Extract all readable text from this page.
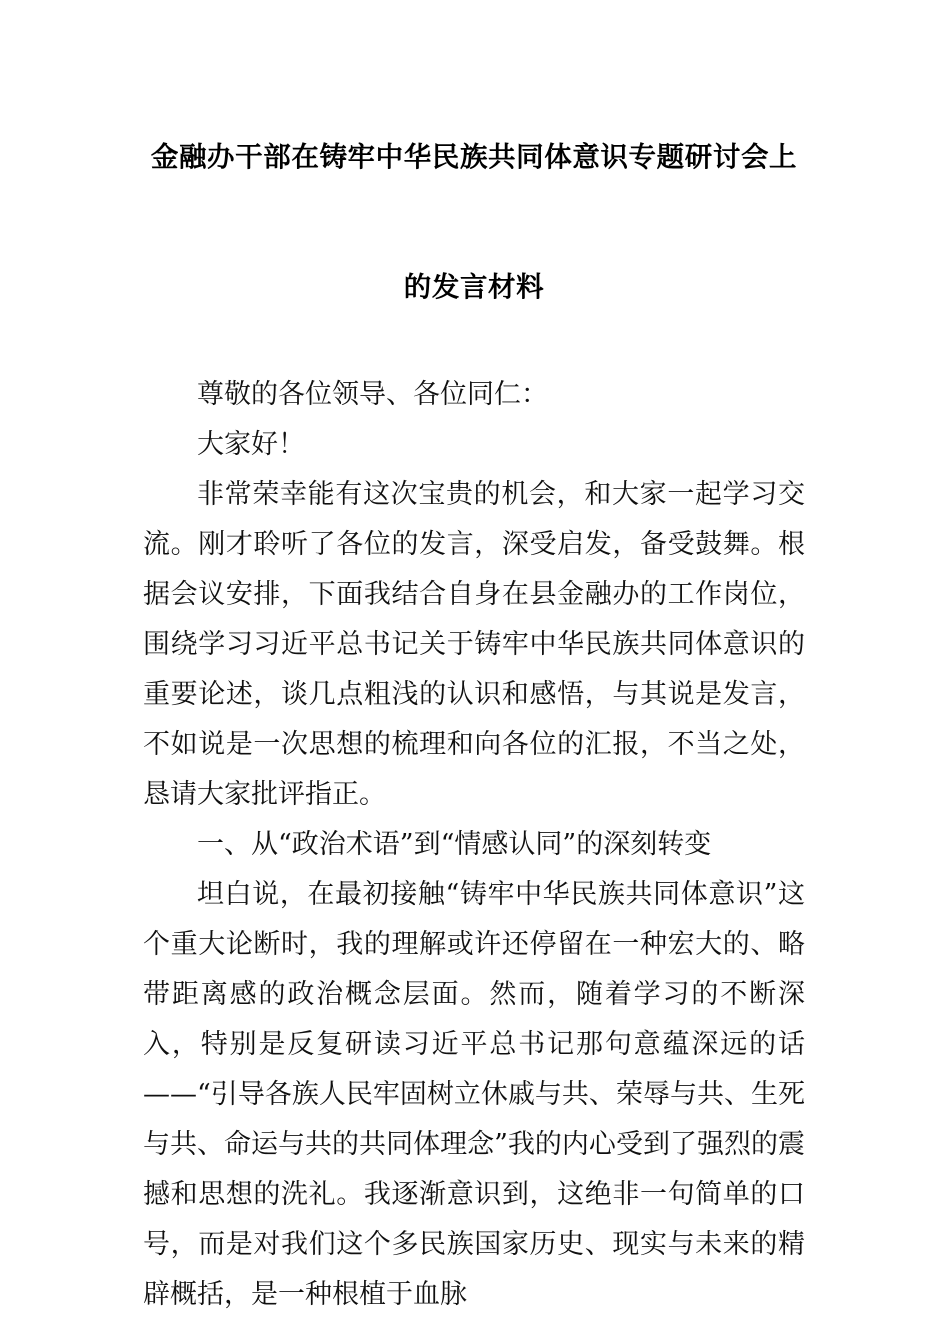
金融办干部在铸牢中华民族共同体意识专题研讨会上的发言材料

尊敬的各位领导、各位同仁：

大家好！

非常荣幸能有这次宝贵的机会，和大家一起学习交流。刚才聆听了各位的发言，深受启发，备受鼓舞。根据会议安排，下面我结合自身在县金融办的工作岗位，围绕学习习近平总书记关于铸牢中华民族共同体意识的重要论述，谈几点粗浅的认识和感悟，与其说是发言，不如说是一次思想的梳理和向各位的汇报，不当之处，恳请大家批评指正。

一、从“政治术语”到“情感认同”的深刻转变

坦白说，在最初接触“铸牢中华民族共同体意识”这个重大论断时，我的理解或许还停留在一种宏大的、略带距离感的政治概念层面。然而，随着学习的不断深入，特别是反复研读习近平总书记那句意蕴深远的话——“引导各族人民牢固树立休戚与共、荣辱与共、生死与共、命运与共的共同体理念”我的内心受到了强烈的震撼和思想的洗礼。我逐渐意识到，这绝非一句简单的口号，而是对我们这个多民族国家历史、现实与未来的精辟概括，是一种根植于血脉
